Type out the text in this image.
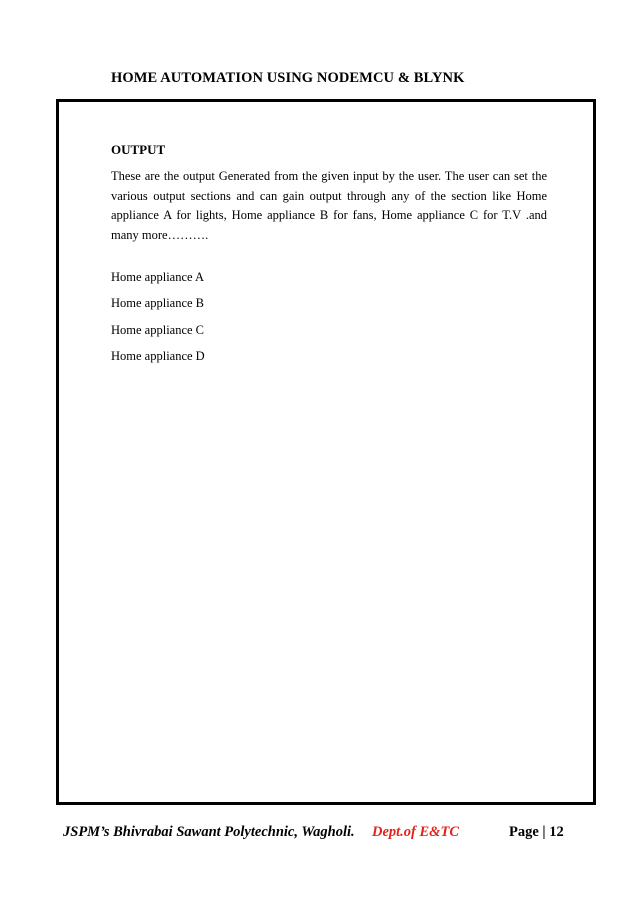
HOME AUTOMATION USING NODEMCU & BLYNK
OUTPUT

These are the output Generated from the given input by the user. The user can set the various output sections and can gain output through any of the section like Home appliance A for lights, Home appliance B for fans, Home appliance C for T.V .and many more……….

Home appliance A
Home appliance B
Home appliance C
Home appliance D
JSPM’s Bhivrabai Sawant Polytechnic, Wagholi. Dept.of E&TC	Page | 12
